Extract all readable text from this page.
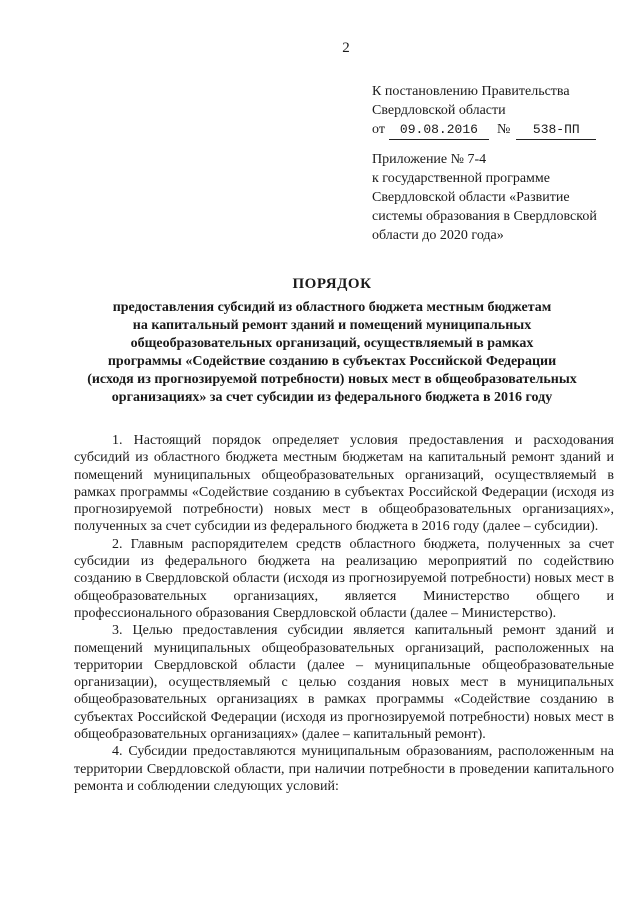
2
К постановлению Правительства
Свердловской области
от 09.08.2016 № 538-ПП
Приложение № 7-4
к государственной программе
Свердловской области «Развитие
системы образования в Свердловской
области до 2020 года»
ПОРЯДОК
предоставления субсидий из областного бюджета местным бюджетам
на капитальный ремонт зданий и помещений муниципальных
общеобразовательных организаций, осуществляемый в рамках
программы «Содействие созданию в субъектах Российской Федерации
(исходя из прогнозируемой потребности) новых мест в общеобразовательных
организациях» за счет субсидии из федерального бюджета в 2016 году

1. Настоящий порядок определяет условия предоставления и расходования субсидий из областного бюджета местным бюджетам на капитальный ремонт зданий и помещений муниципальных общеобразовательных организаций, осуществляемый в рамках программы «Содействие созданию в субъектах Российской Федерации (исходя из прогнозируемой потребности) новых мест в общеобразовательных организациях», полученных за счет субсидии из федерального бюджета в 2016 году (далее – субсидии).

2. Главным распорядителем средств областного бюджета, полученных за счет субсидии из федерального бюджета на реализацию мероприятий по содействию созданию в Свердловской области (исходя из прогнозируемой потребности) новых мест в общеобразовательных организациях, является Министерство общего и профессионального образования Свердловской области (далее – Министерство).

3. Целью предоставления субсидии является капитальный ремонт зданий и помещений муниципальных общеобразовательных организаций, расположенных на территории Свердловской области (далее – муниципальные общеобразовательные организации), осуществляемый с целью создания новых мест в муниципальных общеобразовательных организациях в рамках программы «Содействие созданию в субъектах Российской Федерации (исходя из прогнозируемой потребности) новых мест в общеобразовательных организациях» (далее – капитальный ремонт).

4. Субсидии предоставляются муниципальным образованиям, расположенным на территории Свердловской области, при наличии потребности в проведении капитального ремонта и соблюдении следующих условий:
